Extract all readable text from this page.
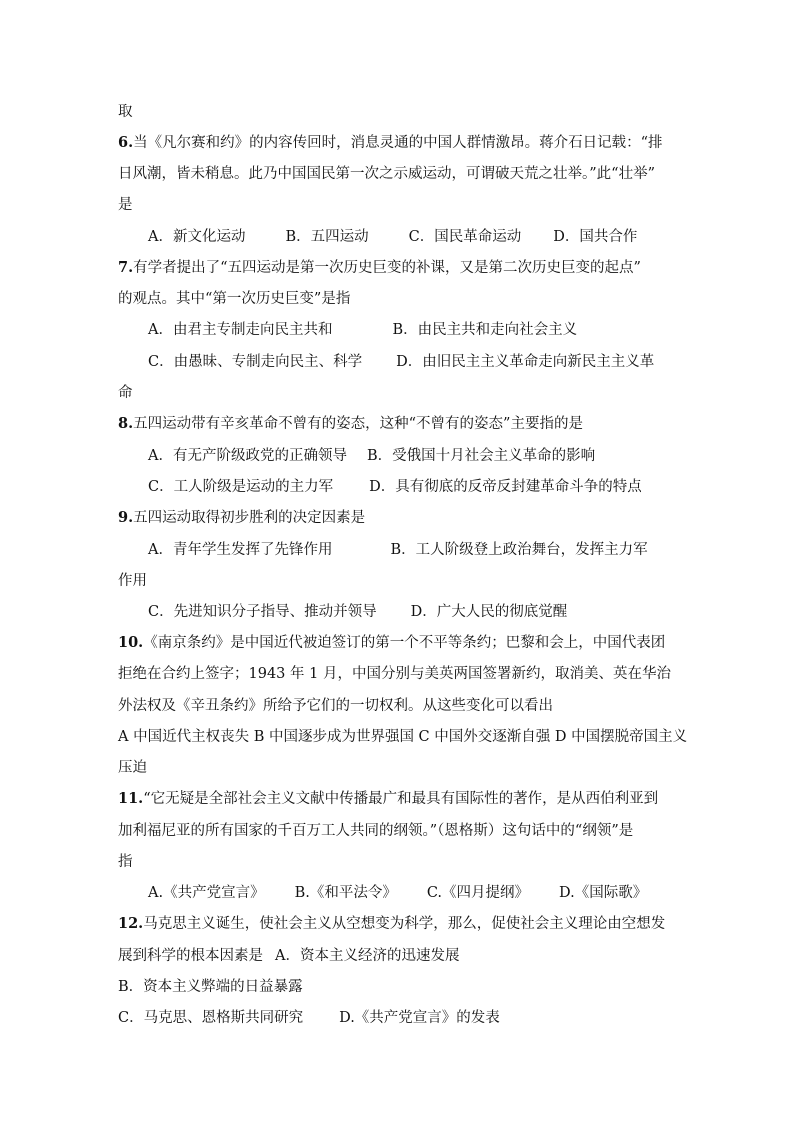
取
6.当《凡尔赛和约》的内容传回时，消息灵通的中国人群情激昂。蒋介石日记载：“排
日风潮，皆未稍息。此乃中国国民第一次之示威运动，可谓破天荒之壮举。”此“壮举”
是
A．新文化运动	B．五四运动	C．国民革命运动 D．国共合作
7.有学者提出了“五四运动是第一次历史巨变的补课，又是第二次历史巨变的起点”
的观点。其中“第一次历史巨变”是指
A．由君主专制走向民主共和	B．由民主共和走向社会主义
C．由愚昧、专制走向民主、科学 D．由旧民主主义革命走向新民主主义革
命
8.五四运动带有辛亥革命不曾有的姿态，这种“不曾有的姿态”主要指的是
A．有无产阶级政党的正确领导 B．受俄国十月社会主义革命的影响
C．工人阶级是运动的主力军 D．具有彻底的反帝反封建革命斗争的特点
9.五四运动取得初步胜利的决定因素是
A．青年学生发挥了先锋作用	B．工人阶级登上政治舞台，发挥主力军
作用
C．先进知识分子指导、推动并领导 D．广大人民的彻底觉醒
10.《南京条约》是中国近代被迫签订的第一个不平等条约；巴黎和会上，中国代表团
拒绝在合约上签字；1943 年 1 月，中国分别与美英两国签署新约，取消美、英在华治
外法权及《辛丑条约》所给予它们的一切权利。从这些变化可以看出
A 中国近代主权丧失 B 中国逐步成为世界强国 C 中国外交逐渐自强 D 中国摆脱帝国主义
压迫
11.“它无疑是全部社会主义文献中传播最广和最具有国际性的著作，是从西伯利亚到
加利福尼亚的所有国家的千百万工人共同的纲领。”（恩格斯）这句话中的“纲领”是
指
A.《共产党宣言》 B.《和平法令》 C.《四月提纲》 D.《国际歌》
12.马克思主义诞生，使社会主义从空想变为科学，那么，促使社会主义理论由空想发
展到科学的根本因素是 A．资本主义经济的迅速发展
B．资本主义弊端的日益暴露
C．马克思、恩格斯共同研究 D.《共产党宣言》的发表
